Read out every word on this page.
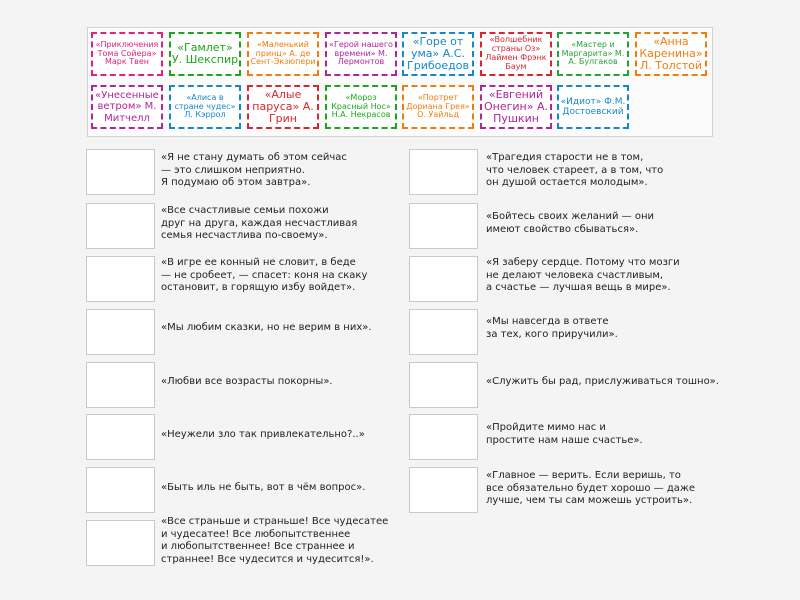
«Приключения Тома Сойера» Марк Твен
«Гамлет» У. Шекспир
«Маленький принц» А. де Сент-Экзюпери
«Герой нашего времени» М. Лермонтов
«Горе от ума» А.С. Грибоедов
«Волшебник страны Оз» Лаймен Фрэнк Баум
«Мастер и Маргарита» М. А. Булгаков
«Анна Каренина» Л. Толстой
«Унесенные ветром» М. Митчелл
«Алиса в стране чудес» Л. Кэррол
«Алые паруса» А. Грин
«Мороз Красный Нос» Н.А. Некрасов
«Портрет Дориана Грея» О. Уайльд
«Евгений Онегин» А. Пушкин
«Идиот» Ф.М. Достоевский
«Я не стану думать об этом сейчас
— это слишком неприятно.
Я подумаю об этом завтра».
«Все счастливые семьи похожи
друг на друга, каждая несчастливая
семья несчастлива по-своему».
«В игре ее конный не словит, в беде
— не сробеет, — спасет: коня на скаку
остановит, в горящую избу войдет».
«Мы любим сказки, но не верим в них».
«Любви все возрасты покорны».
«Неужели зло так привлекательно?..»
«Быть иль не быть, вот в чём вопрос».
«Все страньше и страньше! Все чудесатее
и чудесатее! Все любопытственнее
и любопытственнее! Все страннее и
страннее! Все чудесится и чудесится!».
«Трагедия старости не в том,
что человек стареет, а в том, что
он душой остается молодым».
«Бойтесь своих желаний — они
имеют свойство сбываться».
«Я заберу сердце. Потому что мозги
не делают человека счастливым,
а счастье — лучшая вещь в мире».
«Мы навсегда в ответе
за тех, кого приручили».
«Служить бы рад, прислуживаться тошно».
«Пройдите мимо нас и
простите нам наше счастье».
«Главное — верить. Если веришь, то
все обязательно будет хорошо — даже
лучше, чем ты сам можешь устроить».
